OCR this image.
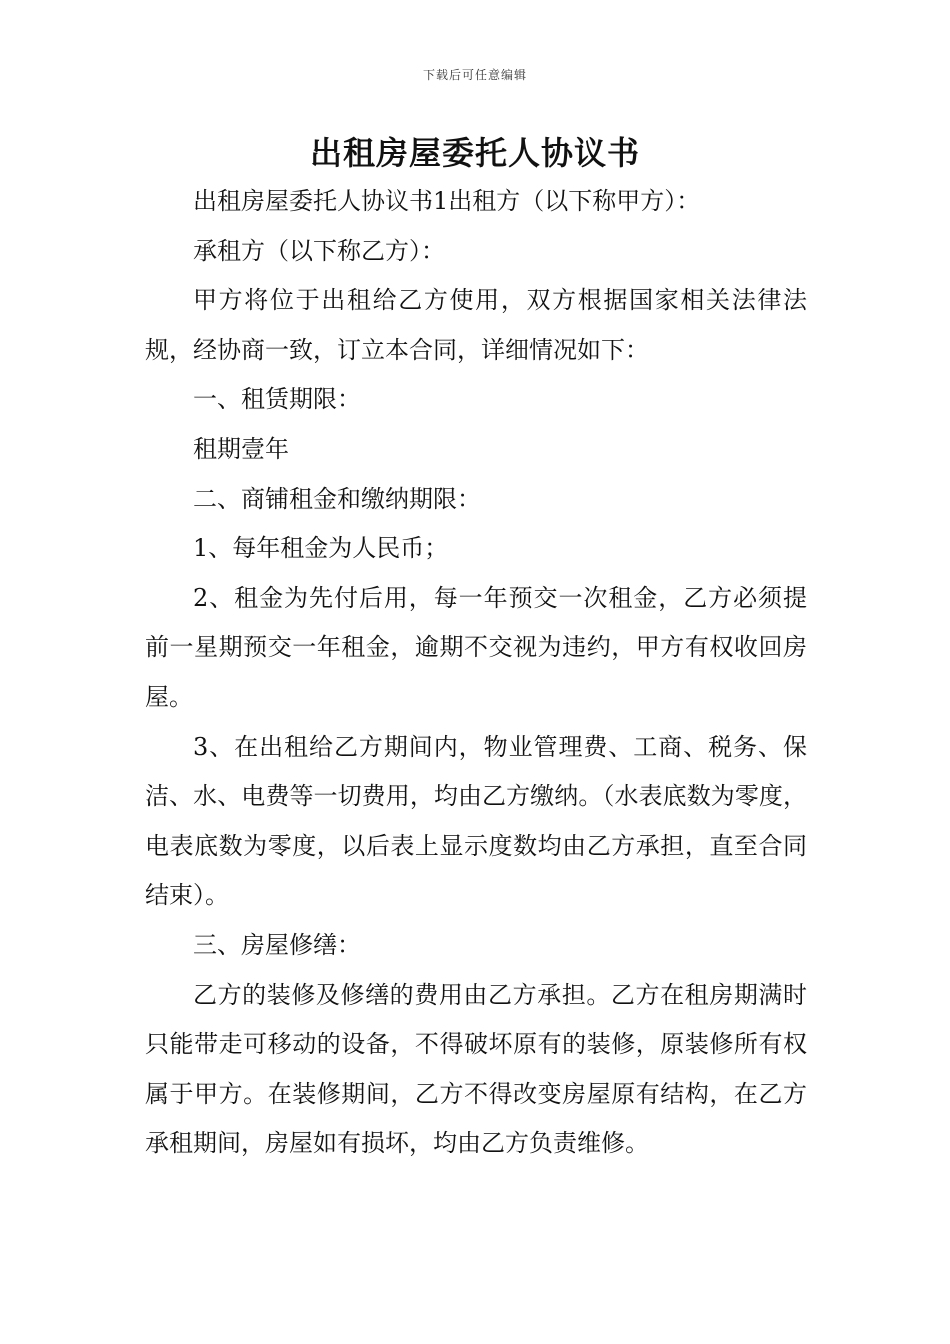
下载后可任意编辑
出租房屋委托人协议书

出租房屋委托人协议书1出租方（以下称甲方）：

承租方（以下称乙方）：

甲方将位于出租给乙方使用，双方根据国家相关法律法规，经协商一致，订立本合同，详细情况如下：

一、租赁期限：

租期壹年

二、商铺租金和缴纳期限：

1、每年租金为人民币；

2、租金为先付后用，每一年预交一次租金，乙方必须提前一星期预交一年租金，逾期不交视为违约，甲方有权收回房屋。

3、在出租给乙方期间内，物业管理费、工商、税务、保洁、水、电费等一切费用，均由乙方缴纳。（水表底数为零度，电表底数为零度，以后表上显示度数均由乙方承担，直至合同结束）。

三、房屋修缮：

乙方的装修及修缮的费用由乙方承担。乙方在租房期满时只能带走可移动的设备，不得破坏原有的装修，原装修所有权属于甲方。在装修期间，乙方不得改变房屋原有结构，在乙方承租期间，房屋如有损坏，均由乙方负责维修。
